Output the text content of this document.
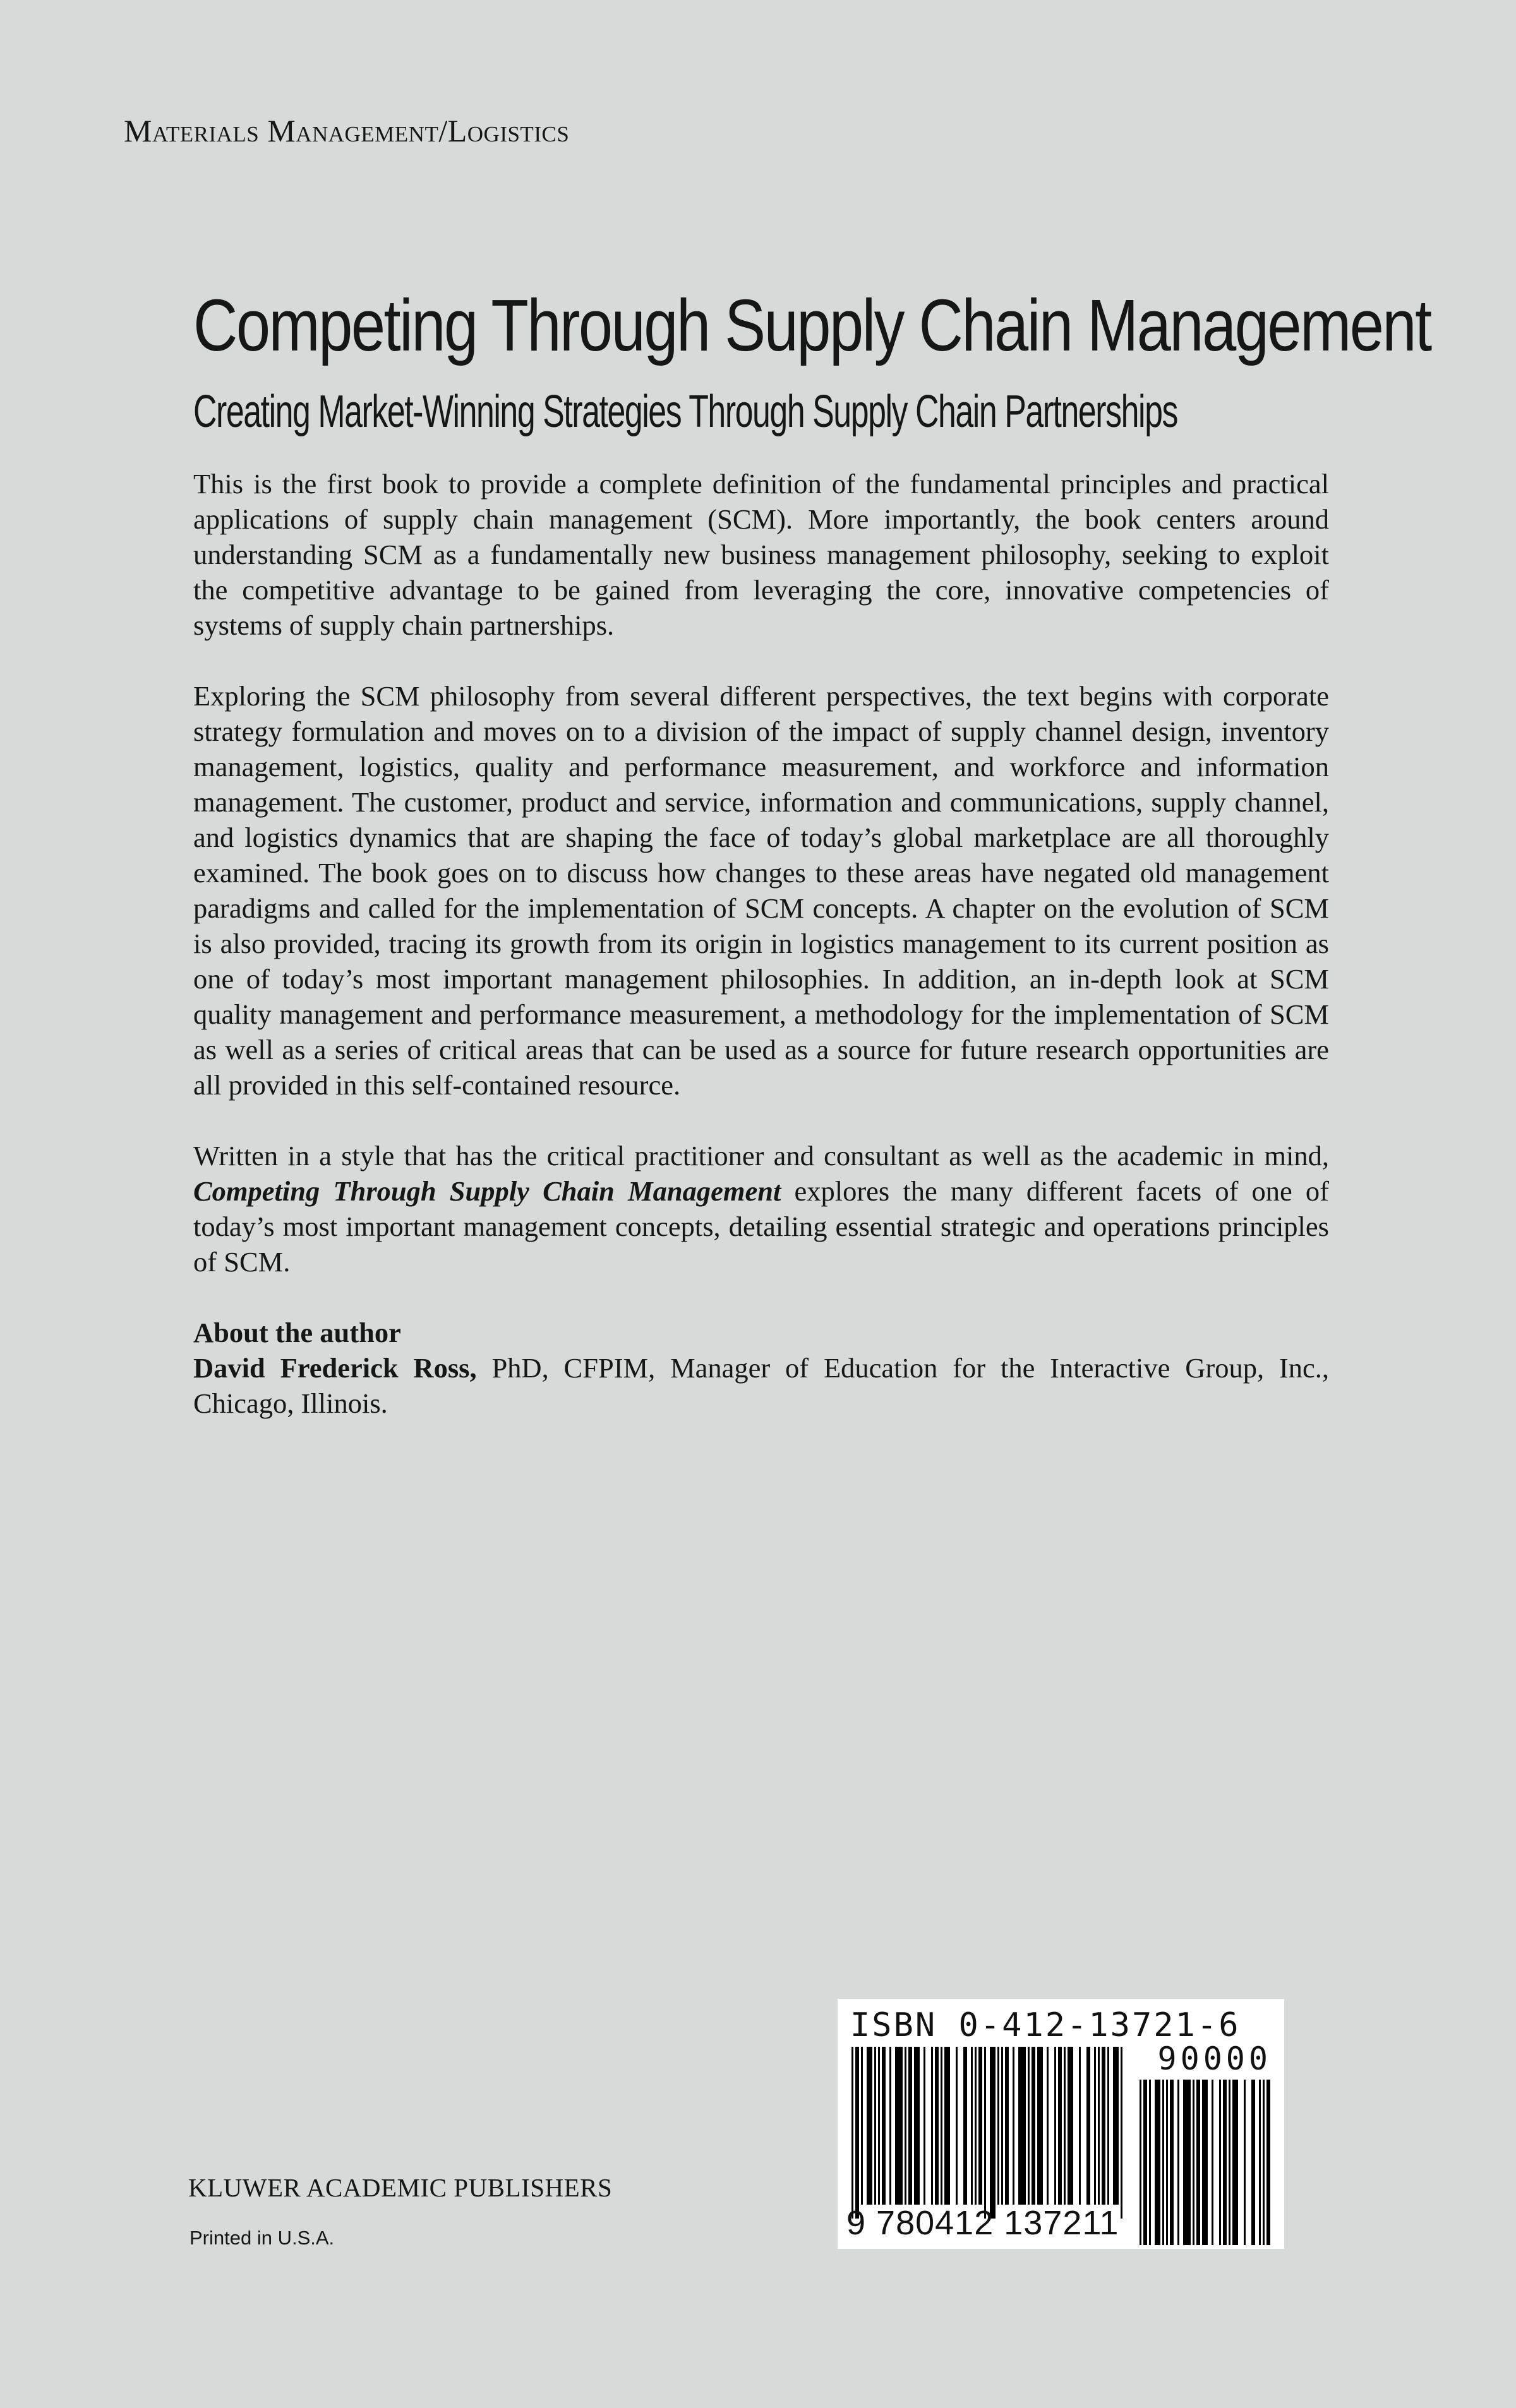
Materials Management/Logistics
Competing Through Supply Chain Management
Creating Market-Winning Strategies Through Supply Chain Partnerships

This is the first book to provide a complete definition of the fundamental principles and practical applications of supply chain management (SCM). More importantly, the book centers around understanding SCM as a fundamentally new business management philosophy, seeking to exploit the competitive advantage to be gained from leveraging the core, innovative competencies of systems of supply chain partnerships.

Exploring the SCM philosophy from several different perspectives, the text begins with corporate strategy formulation and moves on to a division of the impact of supply channel design, inventory management, logistics, quality and performance measurement, and workforce and information management. The customer, product and service, information and communications, supply channel, and logistics dynamics that are shaping the face of today’s global marketplace are all thoroughly examined. The book goes on to discuss how changes to these areas have negated old management paradigms and called for the implementation of SCM concepts. A chapter on the evolution of SCM is also provided, tracing its growth from its origin in logistics management to its current position as one of today’s most important management philosophies. In addition, an in-depth look at SCM quality management and performance measurement, a methodology for the implementation of SCM as well as a series of critical areas that can be used as a source for future research opportunities are all provided in this self-contained resource.

Written in a style that has the critical practitioner and consultant as well as the academic in mind, Competing Through Supply Chain Management explores the many different facets of one of today’s most important management concepts, detailing essential strategic and operations principles of SCM.

About the author
David Frederick Ross, PhD, CFPIM, Manager of Education for the Interactive Group, Inc., Chicago, Illinois.
ISBN 0-412-13721-6
90000
9 780412 137211
KLUWER ACADEMIC PUBLISHERS
Printed in U.S.A.
